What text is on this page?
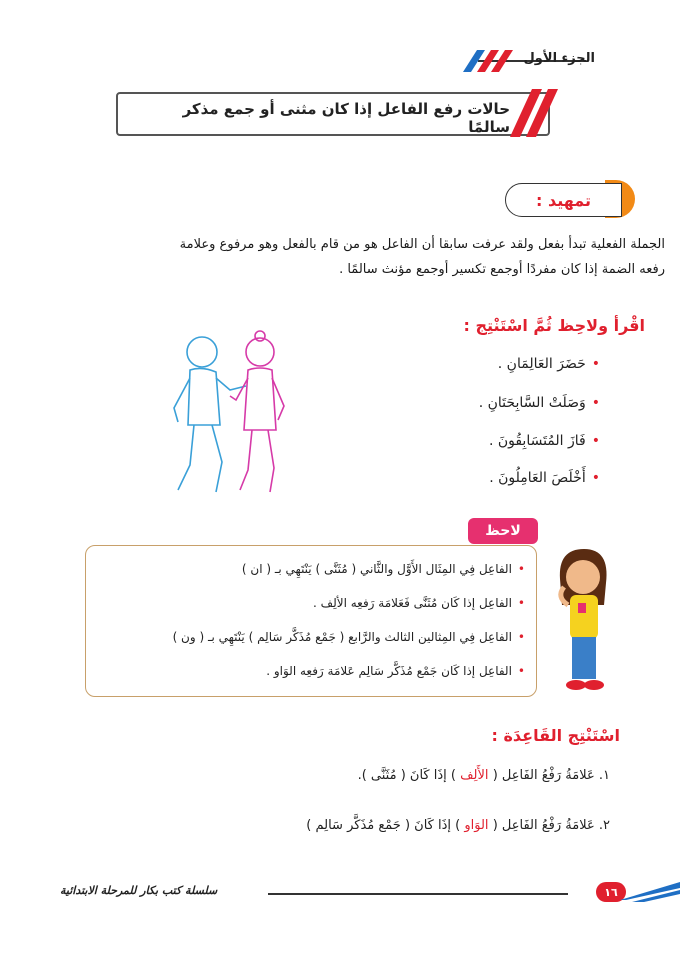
الجزء الأول
حالات رفع الفاعل إذا كان مثنى أو جمع مذكر سالمًا
تمهيد :
الجملة الفعلية تبدأ بفعل ولقد عرفت سابقا أن الفاعل هو من قام بالفعل وهو مرفوع وعلامة
رفعه الضمة إذا كان مفردًا أوجمع تكسير أوجمع مؤنث سالمًا .
اقْرأ ولاحِظ ثُمَّ اسْتَنْتِج :
•حَضَرَ العَالِمَانِ .
•وَصَلَتْ السَّابِحَتَانِ .
•فَازَ المُتَسَابِقُونَ .
•أَخْلَصَ العَامِلُونَ .
لاحظ
•الفاعِل فِي المِثَال الأَوَّل والثَّاني ( مُثَنَّى ) يَنْتَهِي بـ ( ان )
•الفاعِل إذا كَان مُثَنَّى فَعَلامَة رَفعِه الألِف .
•الفاعِل فِي المِثالين الثالث والرَّابع ( جَمْع مُذَكَّر سَالِم ) يَنْتَهِي بـ ( ون )
•الفاعِل إذا كَان جَمْع مُذَكَّر سَالِم عَلامَة رَفعِه الوَاو .
اسْتَنْتِج القَاعِدَة :
١. عَلامَةُ رَفْعُ الفَاعِل ( الأَلِف ) إذَا كَانَ ( مُثَنَّى ).
٢. عَلامَةُ رَفْعُ الفَاعِل ( الوَاو ) إذَا كَانَ ( جَمْع مُذَكَّر سَالِم )
سلسلة كتب بكار للمرحلة الابتدائية	١٦
